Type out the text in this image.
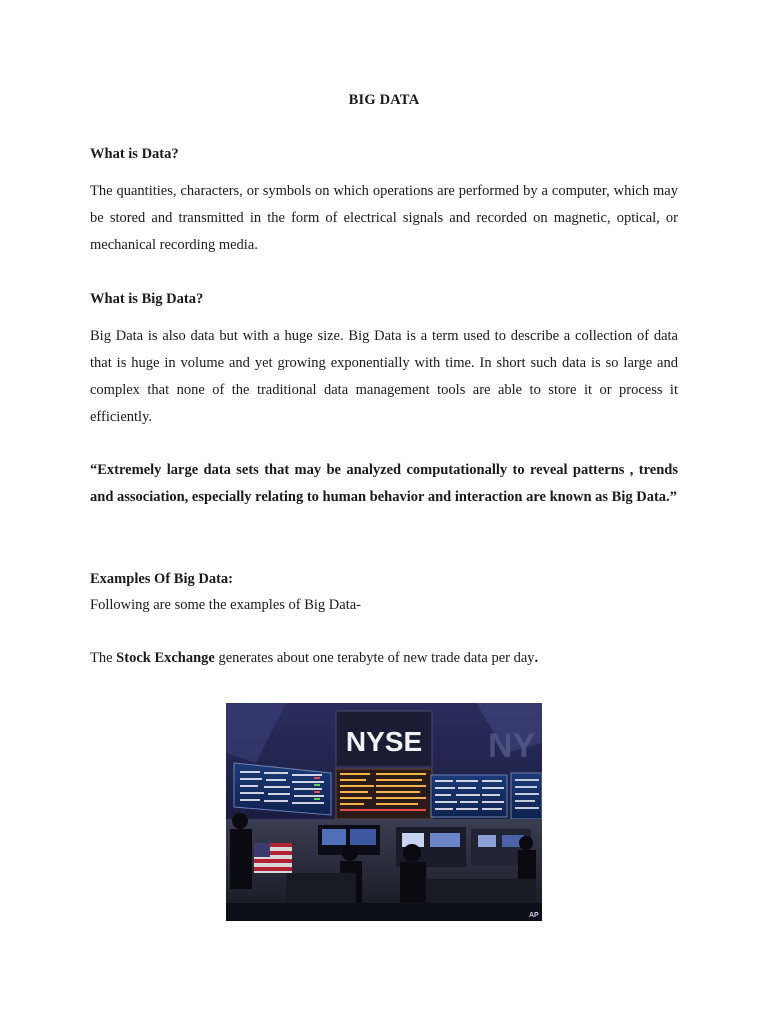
BIG DATA
What is Data?

The quantities, characters, or symbols on which operations are performed by a computer, which may be stored and transmitted in the form of electrical signals and recorded on magnetic, optical, or mechanical recording media.

What is Big Data?

Big Data is also data but with a huge size. Big Data is a term used to describe a collection of data that is huge in volume and yet growing exponentially with time. In short such data is so large and complex that none of the traditional data management tools are able to store it or process it efficiently.

“Extremely large data sets that may be analyzed computationally to reveal patterns , trends and association, especially relating to human behavior and interaction are known as Big Data.”

Examples Of Big Data:
Following are some the examples of Big Data-
The Stock Exchange generates about one terabyte of new trade data per day.
NYSE NY
AP
